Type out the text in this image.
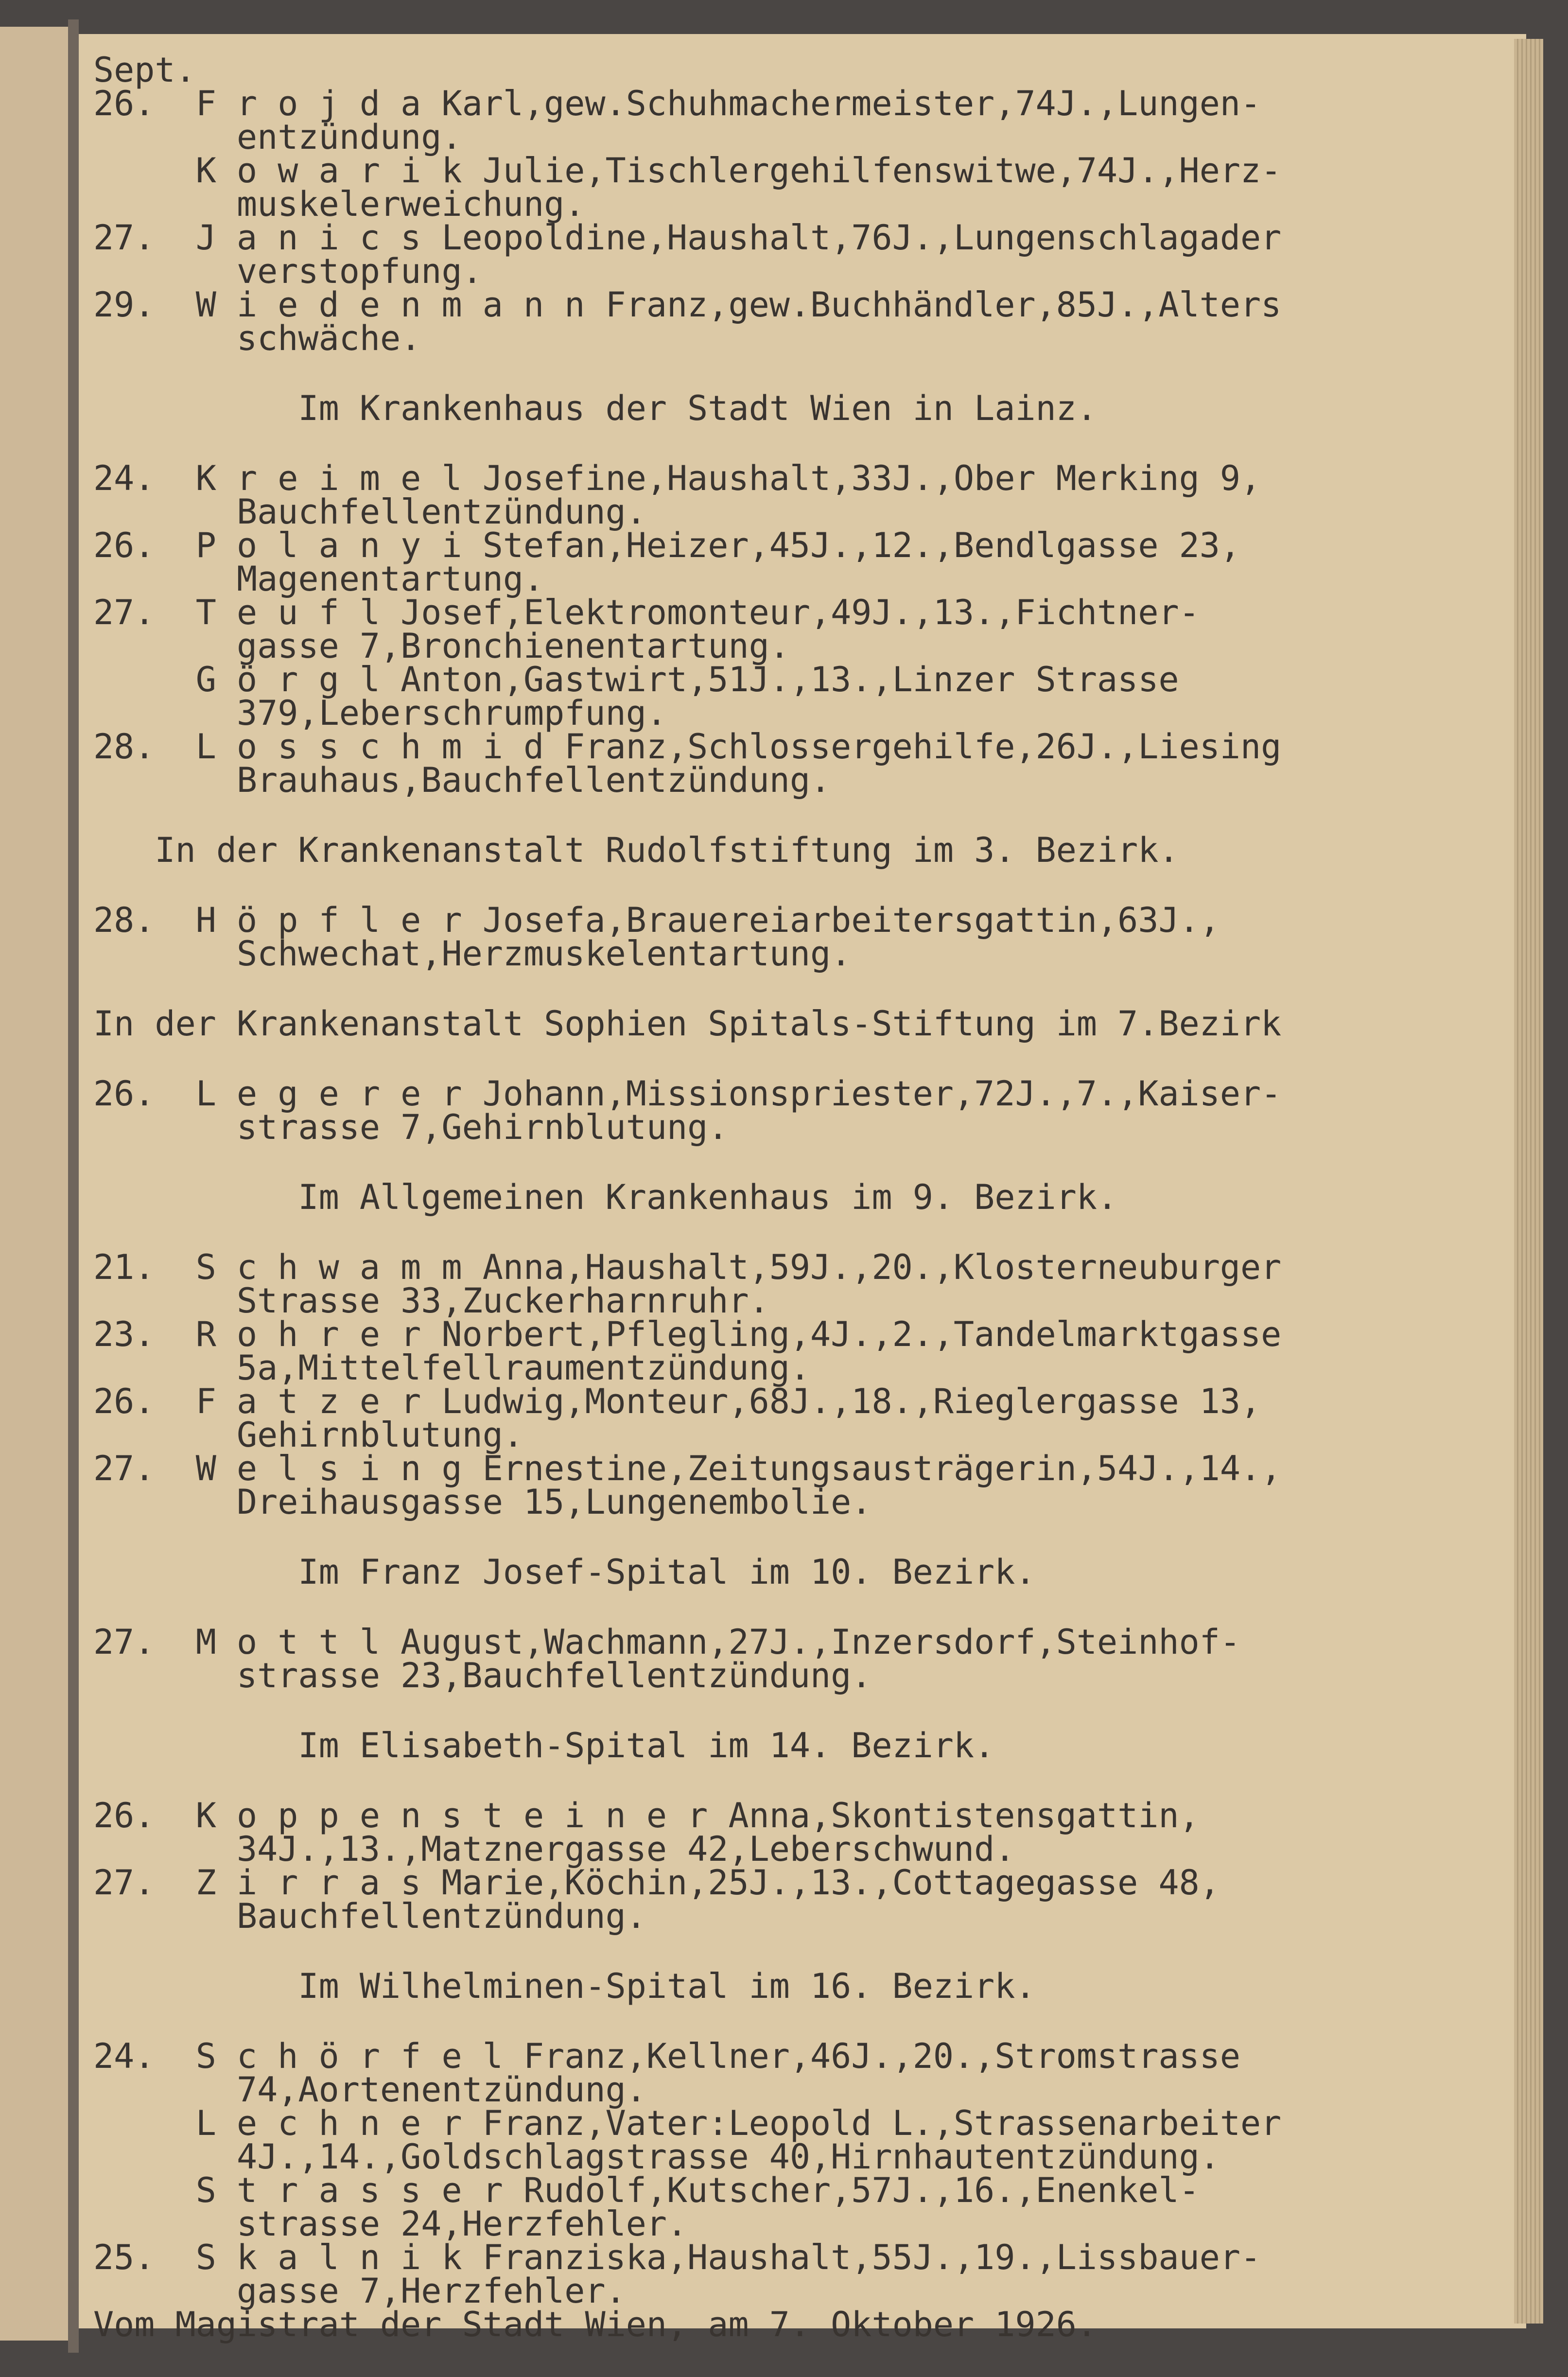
Sept.
26.  F r o j d a Karl,gew.Schuhmachermeister,74J.,Lungen-
entzündung.
K o w a r i k Julie,Tischlergehilfenswitwe,74J.,Herz-
muskelerweichung.
27.  J a n i c s Leopoldine,Haushalt,76J.,Lungenschlagader
verstopfung.
29.  W i e d e n m a n n Franz,gew.Buchhändler,85J.,Alters
schwäche.
Im Krankenhaus der Stadt Wien in Lainz.
24.  K r e i m e l Josefine,Haushalt,33J.,Ober Merking 9,
Bauchfellentzündung.
26.  P o l a n y i Stefan,Heizer,45J.,12.,Bendlgasse 23,
Magenentartung.
27.  T e u f l Josef,Elektromonteur,49J.,13.,Fichtner-
gasse 7,Bronchienentartung.
G ö r g l Anton,Gastwirt,51J.,13.,Linzer Strasse
379,Leberschrumpfung.
28.  L o s s c h m i d Franz,Schlossergehilfe,26J.,Liesing
Brauhaus,Bauchfellentzündung.
In der Krankenanstalt Rudolfstiftung im 3. Bezirk.
28.  H ö p f l e r Josefa,Brauereiarbeitersgattin,63J.,
Schwechat,Herzmuskelentartung.
In der Krankenanstalt Sophien Spitals-Stiftung im 7.Bezirk
26.  L e g e r e r Johann,Missionspriester,72J.,7.,Kaiser-
strasse 7,Gehirnblutung.
Im Allgemeinen Krankenhaus im 9. Bezirk.
21.  S c h w a m m Anna,Haushalt,59J.,20.,Klosterneuburger
Strasse 33,Zuckerharnruhr.
23.  R o h r e r Norbert,Pflegling,4J.,2.,Tandelmarktgasse
5a,Mittelfellraumentzündung.
26.  F a t z e r Ludwig,Monteur,68J.,18.,Rieglergasse 13,
Gehirnblutung.
27.  W e l s i n g Ernestine,Zeitungsausträgerin,54J.,14.,
Dreihausgasse 15,Lungenembolie.
Im Franz Josef-Spital im 10. Bezirk.
27.  M o t t l August,Wachmann,27J.,Inzersdorf,Steinhof-
strasse 23,Bauchfellentzündung.
Im Elisabeth-Spital im 14. Bezirk.
26.  K o p p e n s t e i n e r Anna,Skontistensgattin,
34J.,13.,Matznergasse 42,Leberschwund.
27.  Z i r r a s Marie,Köchin,25J.,13.,Cottagegasse 48,
Bauchfellentzündung.
Im Wilhelminen-Spital im 16. Bezirk.
24.  S c h ö r f e l Franz,Kellner,46J.,20.,Stromstrasse
74,Aortenentzündung.
L e c h n e r Franz,Vater:Leopold L.,Strassenarbeiter
4J.,14.,Goldschlagstrasse 40,Hirnhautentzündung.
S t r a s s e r Rudolf,Kutscher,57J.,16.,Enenkel-
strasse 24,Herzfehler.
25.  S k a l n i k Franziska,Haushalt,55J.,19.,Lissbauer-
gasse 7,Herzfehler.
Vom Magistrat der Stadt Wien, am 7. Oktober 1926.
